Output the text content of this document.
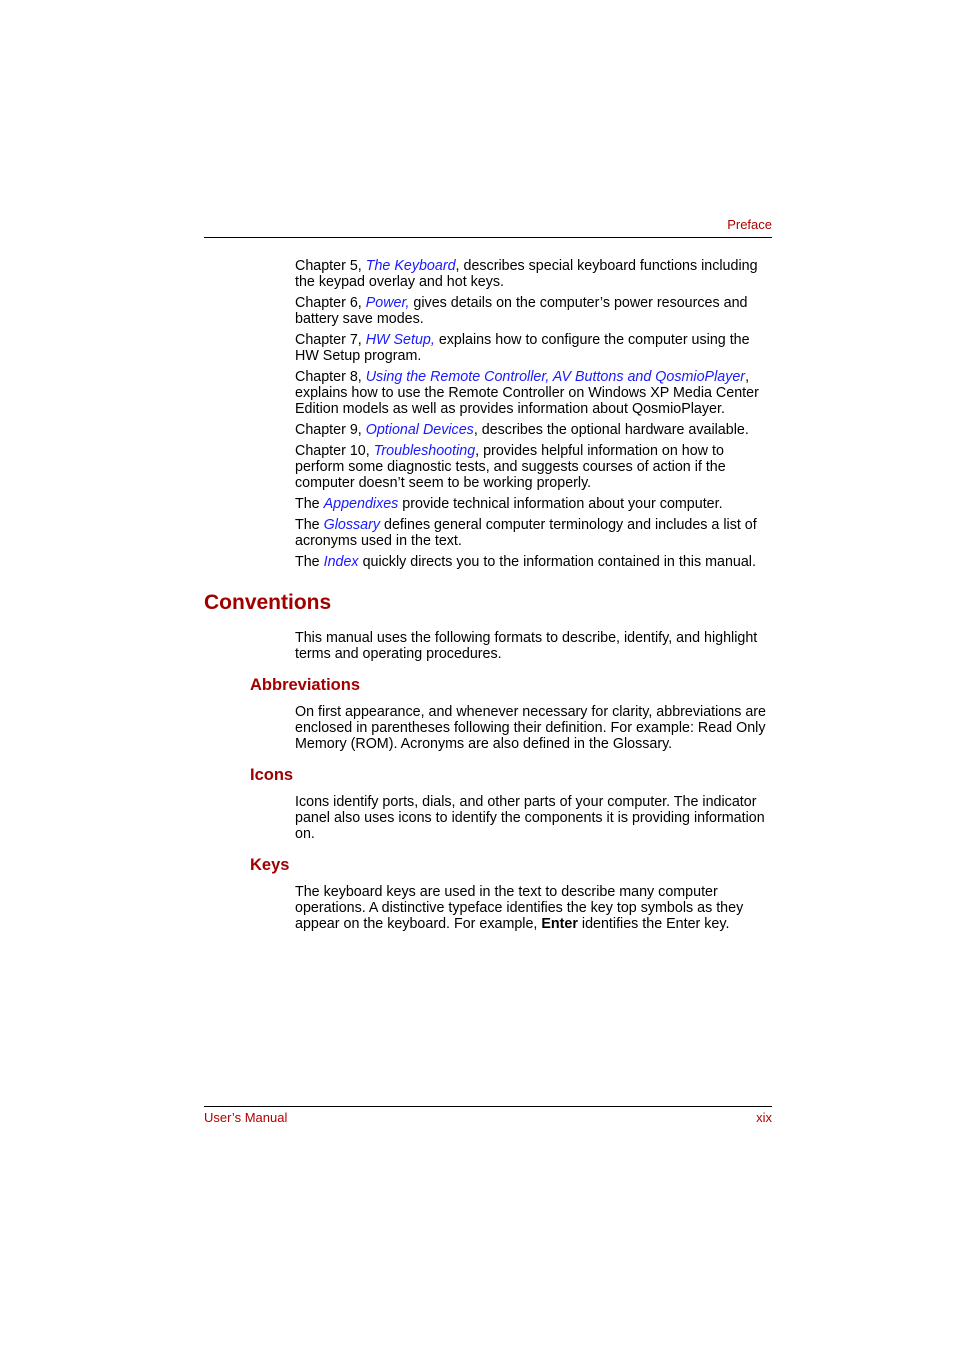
Preface

Chapter 5, The Keyboard, describes special keyboard functions including the keypad overlay and hot keys.

Chapter 6, Power, gives details on the computer’s power resources and battery save modes.

Chapter 7, HW Setup, explains how to configure the computer using the HW Setup program.

Chapter 8, Using the Remote Controller, AV Buttons and QosmioPlayer, explains how to use the Remote Controller on Windows XP Media Center Edition models as well as provides information about QosmioPlayer.

Chapter 9, Optional Devices, describes the optional hardware available.

Chapter 10, Troubleshooting, provides helpful information on how to perform some diagnostic tests, and suggests courses of action if the computer doesn’t seem to be working properly.

The Appendixes provide technical information about your computer.

The Glossary defines general computer terminology and includes a list of acronyms used in the text.

The Index quickly directs you to the information contained in this manual.

Conventions

This manual uses the following formats to describe, identify, and highlight terms and operating procedures.

Abbreviations

On first appearance, and whenever necessary for clarity, abbreviations are enclosed in parentheses following their definition. For example: Read Only Memory (ROM). Acronyms are also defined in the Glossary.

Icons

Icons identify ports, dials, and other parts of your computer. The indicator panel also uses icons to identify the components it is providing information on.

Keys

The keyboard keys are used in the text to describe many computer operations. A distinctive typeface identifies the key top symbols as they appear on the keyboard. For example, Enter identifies the Enter key.

User’s Manual	xix
